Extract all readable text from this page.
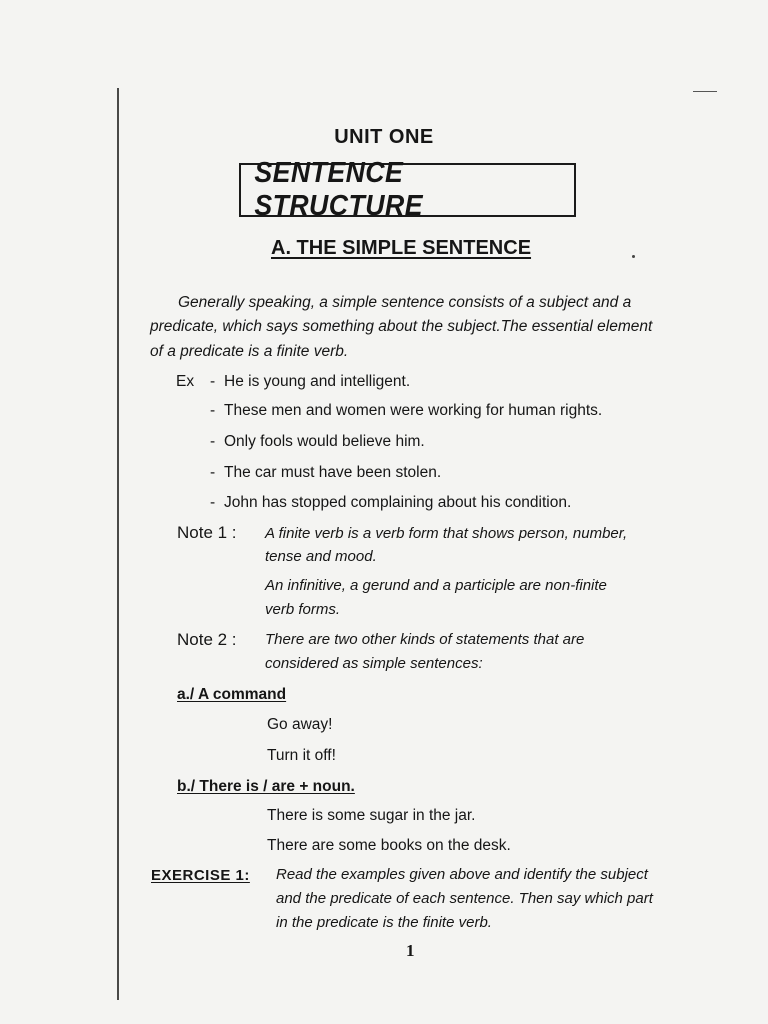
UNIT ONE
SENTENCE STRUCTURE
A. THE SIMPLE SENTENCE
Generally speaking, a simple sentence consists of a subject and a
predicate, which says something about the subject.The essential element
of a predicate is a finite verb.
Ex - He is young and intelligent.
- These men and women were working for human rights.
- Only fools would believe him.
- The car must have been stolen.
- John has stopped complaining about his condition.
Note 1 : A finite verb is a verb form that shows person, number,
tense and mood.
An infinitive, a gerund and a participle are non-finite
verb forms.
Note 2 : There are two other kinds of statements that are
considered as simple sentences:
a./ A command
Go away!
Turn it off!
b./ There is / are + noun.
There is some sugar in the jar.
There are some books on the desk.
EXERCISE 1: Read the examples given above and identify the subject
and the predicate of each sentence. Then say which part
in the predicate is the finite verb.
1
